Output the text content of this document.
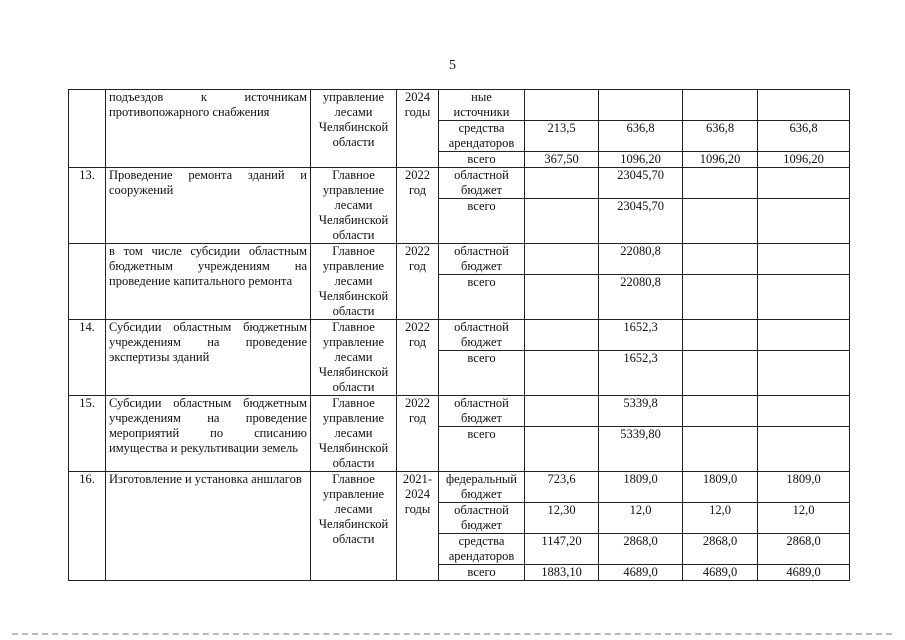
5
	подъездов к источникам противопожарного снабжения	управление лесами Челябинской области	2024 годы	ные источники				
				средства арендаторов	213,5	636,8	636,8	636,8
				всего	367,50	1096,20	1096,20	1096,20
13.	Проведение ремонта зданий и сооружений	Главное управление лесами Челябинской области	2022 год	областной бюджет		23045,70		
				всего		23045,70		
	в том числе субсидии областным бюджетным учреждениям на проведение капитального ремонта	Главное управление лесами Челябинской области	2022 год	областной бюджет		22080,8		
				всего		22080,8		
14.	Субсидии областным бюджетным учреждениям на проведение экспертизы зданий	Главное управление лесами Челябинской области	2022 год	областной бюджет		1652,3		
				всего		1652,3		
15.	Субсидии областным бюджетным учреждениям на проведение мероприятий по списанию имущества и рекультивации земель	Главное управление лесами Челябинской области	2022 год	областной бюджет		5339,8		
				всего		5339,80		
16.	Изготовление и установка аншлагов	Главное управление лесами Челябинской области	2021-2024 годы	федеральный бюджет	723,6	1809,0	1809,0	1809,0
				областной бюджет	12,30	12,0	12,0	12,0
				средства арендаторов	1147,20	2868,0	2868,0	2868,0
				всего	1883,10	4689,0	4689,0	4689,0
